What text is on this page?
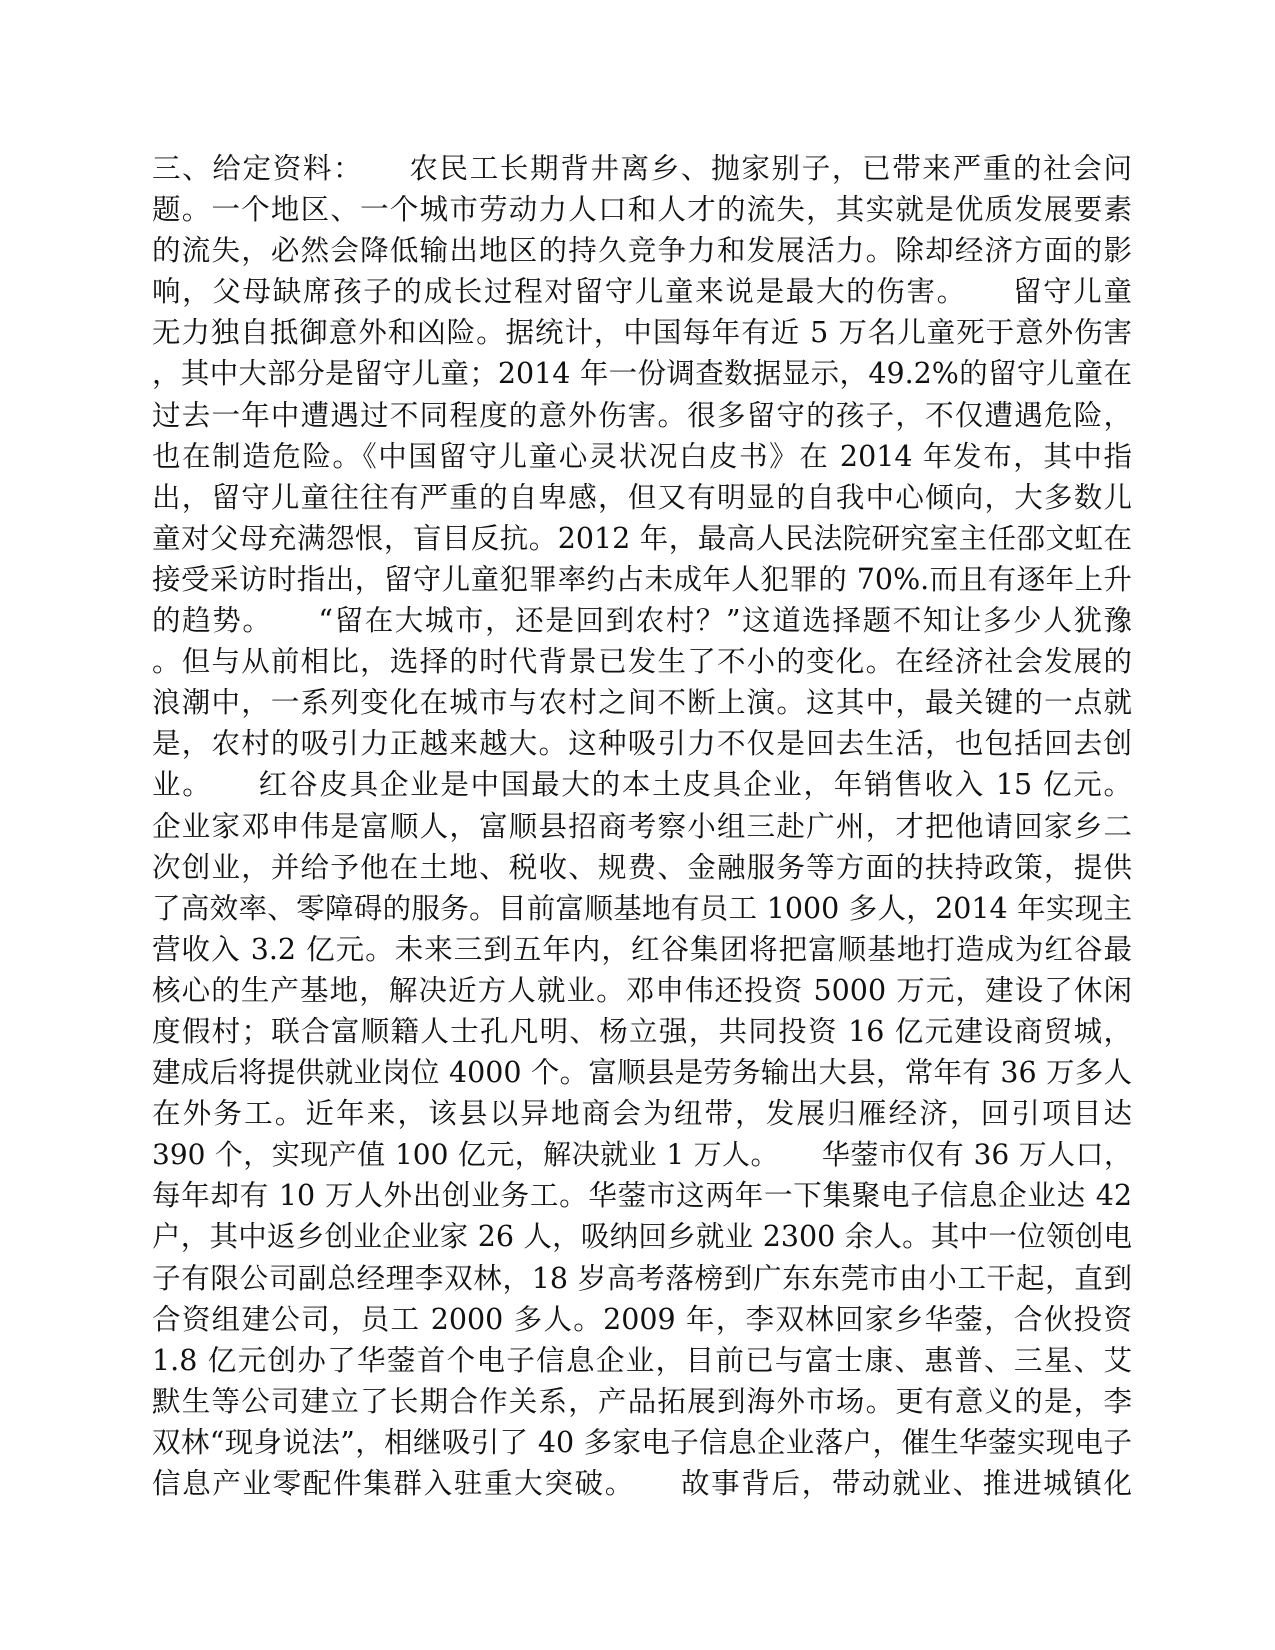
三、给定资料：　　农民工长期背井离乡、抛家别子，已带来严重的社会问
题。一个地区、一个城市劳动力人口和人才的流失，其实就是优质发展要素
的流失，必然会降低输出地区的持久竞争力和发展活力。除却经济方面的影
响，父母缺席孩子的成长过程对留守儿童来说是最大的伤害。　　留守儿童
无力独自抵御意外和凶险。据统计，中国每年有近 5 万名儿童死于意外伤害
，其中大部分是留守儿童；2014 年一份调查数据显示，49.2%的留守儿童在
过去一年中遭遇过不同程度的意外伤害。很多留守的孩子，不仅遭遇危险，
也在制造危险。《中国留守儿童心灵状况白皮书》在 2014 年发布，其中指
出，留守儿童往往有严重的自卑感，但又有明显的自我中心倾向，大多数儿
童对父母充满怨恨，盲目反抗。2012 年，最高人民法院研究室主任邵文虹在
接受采访时指出，留守儿童犯罪率约占未成年人犯罪的 70%.而且有逐年上升
的趋势。　　“留在大城市，还是回到农村？”这道选择题不知让多少人犹豫
。但与从前相比，选择的时代背景已发生了不小的变化。在经济社会发展的
浪潮中，一系列变化在城市与农村之间不断上演。这其中，最关键的一点就
是，农村的吸引力正越来越大。这种吸引力不仅是回去生活，也包括回去创
业。　　红谷皮具企业是中国最大的本土皮具企业，年销售收入 15 亿元。
企业家邓申伟是富顺人，富顺县招商考察小组三赴广州，才把他请回家乡二
次创业，并给予他在土地、税收、规费、金融服务等方面的扶持政策，提供
了高效率、零障碍的服务。目前富顺基地有员工 1000 多人，2014 年实现主
营收入 3.2 亿元。未来三到五年内，红谷集团将把富顺基地打造成为红谷最
核心的生产基地，解决近方人就业。邓申伟还投资 5000 万元，建设了休闲
度假村；联合富顺籍人士孔凡明、杨立强，共同投资 16 亿元建设商贸城，
建成后将提供就业岗位 4000 个。富顺县是劳务输出大县，常年有 36 万多人
在外务工。近年来，该县以异地商会为纽带，发展归雁经济，回引项目达
390 个，实现产值 100 亿元，解决就业 1 万人。　　华蓥市仅有 36 万人口，
每年却有 10 万人外出创业务工。华蓥市这两年一下集聚电子信息企业达 42
户，其中返乡创业企业家 26 人，吸纳回乡就业 2300 余人。其中一位领创电
子有限公司副总经理李双林，18 岁高考落榜到广东东莞市由小工干起，直到
合资组建公司，员工 2000 多人。2009 年，李双林回家乡华蓥，合伙投资
1.8 亿元创办了华蓥首个电子信息企业，目前已与富士康、惠普、三星、艾
默生等公司建立了长期合作关系，产品拓展到海外市场。更有意义的是，李
双林“现身说法”，相继吸引了 40 多家电子信息企业落户，催生华蓥实现电子
信息产业零配件集群入驻重大突破。　　故事背后，带动就业、推进城镇化
